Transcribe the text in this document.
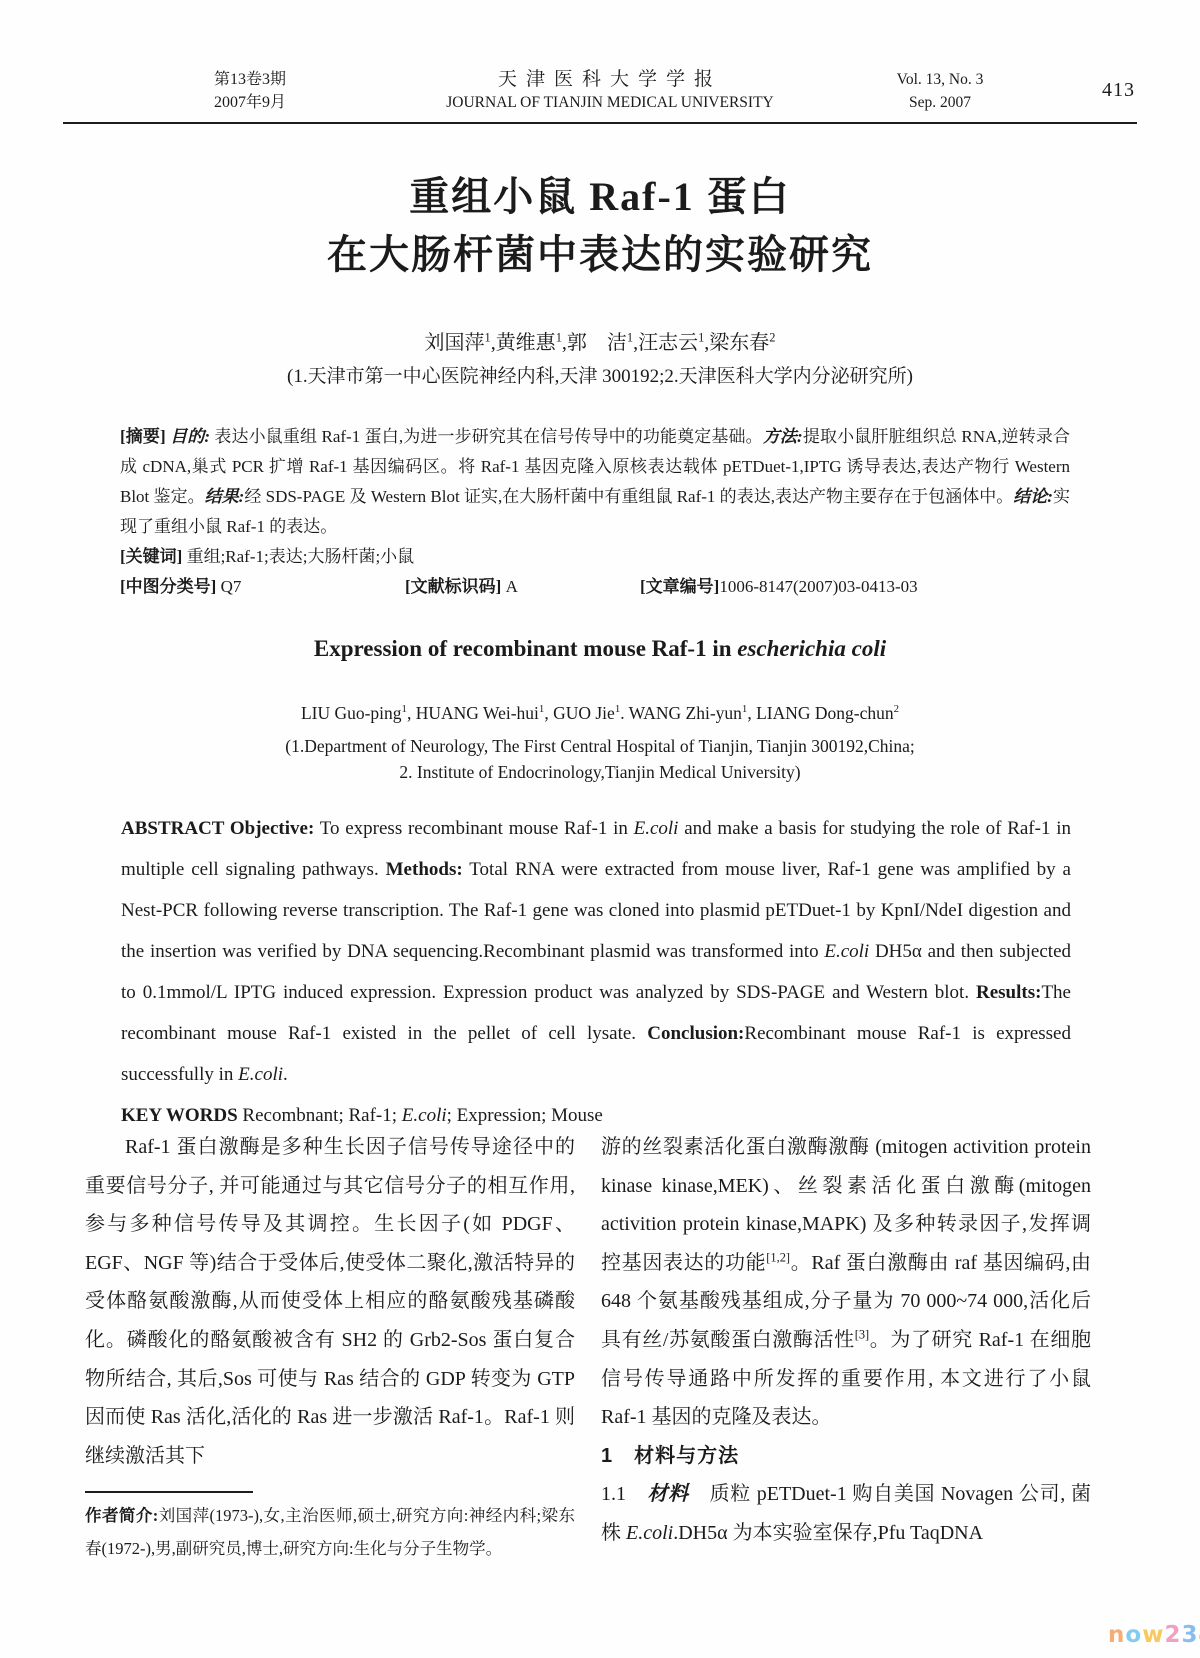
第13卷3期
2007年9月
天津医科大学学报
JOURNAL OF TIANJIN MEDICAL UNIVERSITY
Vol. 13, No. 3
Sep. 2007
413
重组小鼠 Raf-1 蛋白
在大肠杆菌中表达的实验研究
刘国萍$^1$,黄维惠$^1$,郭　洁$^1$,汪志云$^1$,梁东春$^2$
(1.天津市第一中心医院神经内科,天津 300192;2.天津医科大学内分泌研究所)
[摘要] 目的: 表达小鼠重组 Raf-1 蛋白,为进一步研究其在信号传导中的功能奠定基础。方法:提取小鼠肝脏组织总 RNA,逆转录合成 cDNA,巢式 PCR 扩增 Raf-1 基因编码区。将 Raf-1 基因克隆入原核表达载体 pETDuet-1,IPTG 诱导表达,表达产物行 Western Blot 鉴定。结果:经 SDS-PAGE 及 Western Blot 证实,在大肠杆菌中有重组鼠 Raf-1 的表达,表达产物主要存在于包涵体中。结论:实现了重组小鼠 Raf-1 的表达。
[关键词] 重组;Raf-1;表达;大肠杆菌;小鼠
[中图分类号] Q7	[文献标识码] A	[文章编号]1006-8147(2007)03-0413-03
Expression of recombinant mouse Raf-1 in escherichia coli
LIU Guo-ping$^1$, HUANG Wei-hui$^1$, GUO Jie$^1$. WANG Zhi-yun$^1$, LIANG Dong-chun$^2$
(1.Department of Neurology, The First Central Hospital of Tianjin, Tianjin 300192,China;
2. Institute of Endocrinology,Tianjin Medical University)
ABSTRACT Objective: To express recombinant mouse Raf-1 in E.coli and make a basis for studying the role of Raf-1 in multiple cell signaling pathways. Methods: Total RNA were extracted from mouse liver, Raf-1 gene was amplified by a Nest-PCR following reverse transcription. The Raf-1 gene was cloned into plasmid pETDuet-1 by KpnI/NdeI digestion and the insertion was verified by DNA sequencing.Recombinant plasmid was transformed into E.coli DH5α and then subjected to 0.1mmol/L IPTG induced expression. Expression product was analyzed by SDS-PAGE and Western blot. Results:The recombinant mouse Raf-1 existed in the pellet of cell lysate. Conclusion:Recombinant mouse Raf-1 is expressed successfully in E.coli.
KEY WORDS Recombnant; Raf-1; E.coli; Expression; Mouse

Raf-1 蛋白激酶是多种生长因子信号传导途径中的重要信号分子, 并可能通过与其它信号分子的相互作用, 参与多种信号传导及其调控。生长因子(如 PDGF、EGF、NGF 等)结合于受体后,使受体二聚化,激活特异的受体酪氨酸激酶,从而使受体上相应的酪氨酸残基磷酸化。磷酸化的酪氨酸被含有 SH2 的 Grb2-Sos 蛋白复合物所结合, 其后,Sos 可使与 Ras 结合的 GDP 转变为 GTP 因而使 Ras 活化,活化的 Ras 进一步激活 Raf-1。Raf-1 则继续激活其下

作者简介:刘国萍(1973-),女,主治医师,硕士,研究方向:神经内科;梁东春(1972-),男,副研究员,博士,研究方向:生化与分子生物学。

游的丝裂素活化蛋白激酶激酶 (mitogen activition protein kinase kinase,MEK)、丝裂素活化蛋白激酶(mitogen activition protein kinase,MAPK) 及多种转录因子,发挥调控基因表达的功能[1,2]。Raf 蛋白激酶由 raf 基因编码,由 648 个氨基酸残基组成,分子量为 70 000~74 000,活化后具有丝/苏氨酸蛋白激酶活性[3]。为了研究 Raf-1 在细胞信号传导通路中所发挥的重要作用, 本文进行了小鼠 Raf-1 基因的克隆及表达。

1　材料与方法

1.1　材料　质粒 pETDuet-1 购自美国 Novagen 公司, 菌株 E.coli.DH5α 为本实验室保存,Pfu TaqDNA

now23
